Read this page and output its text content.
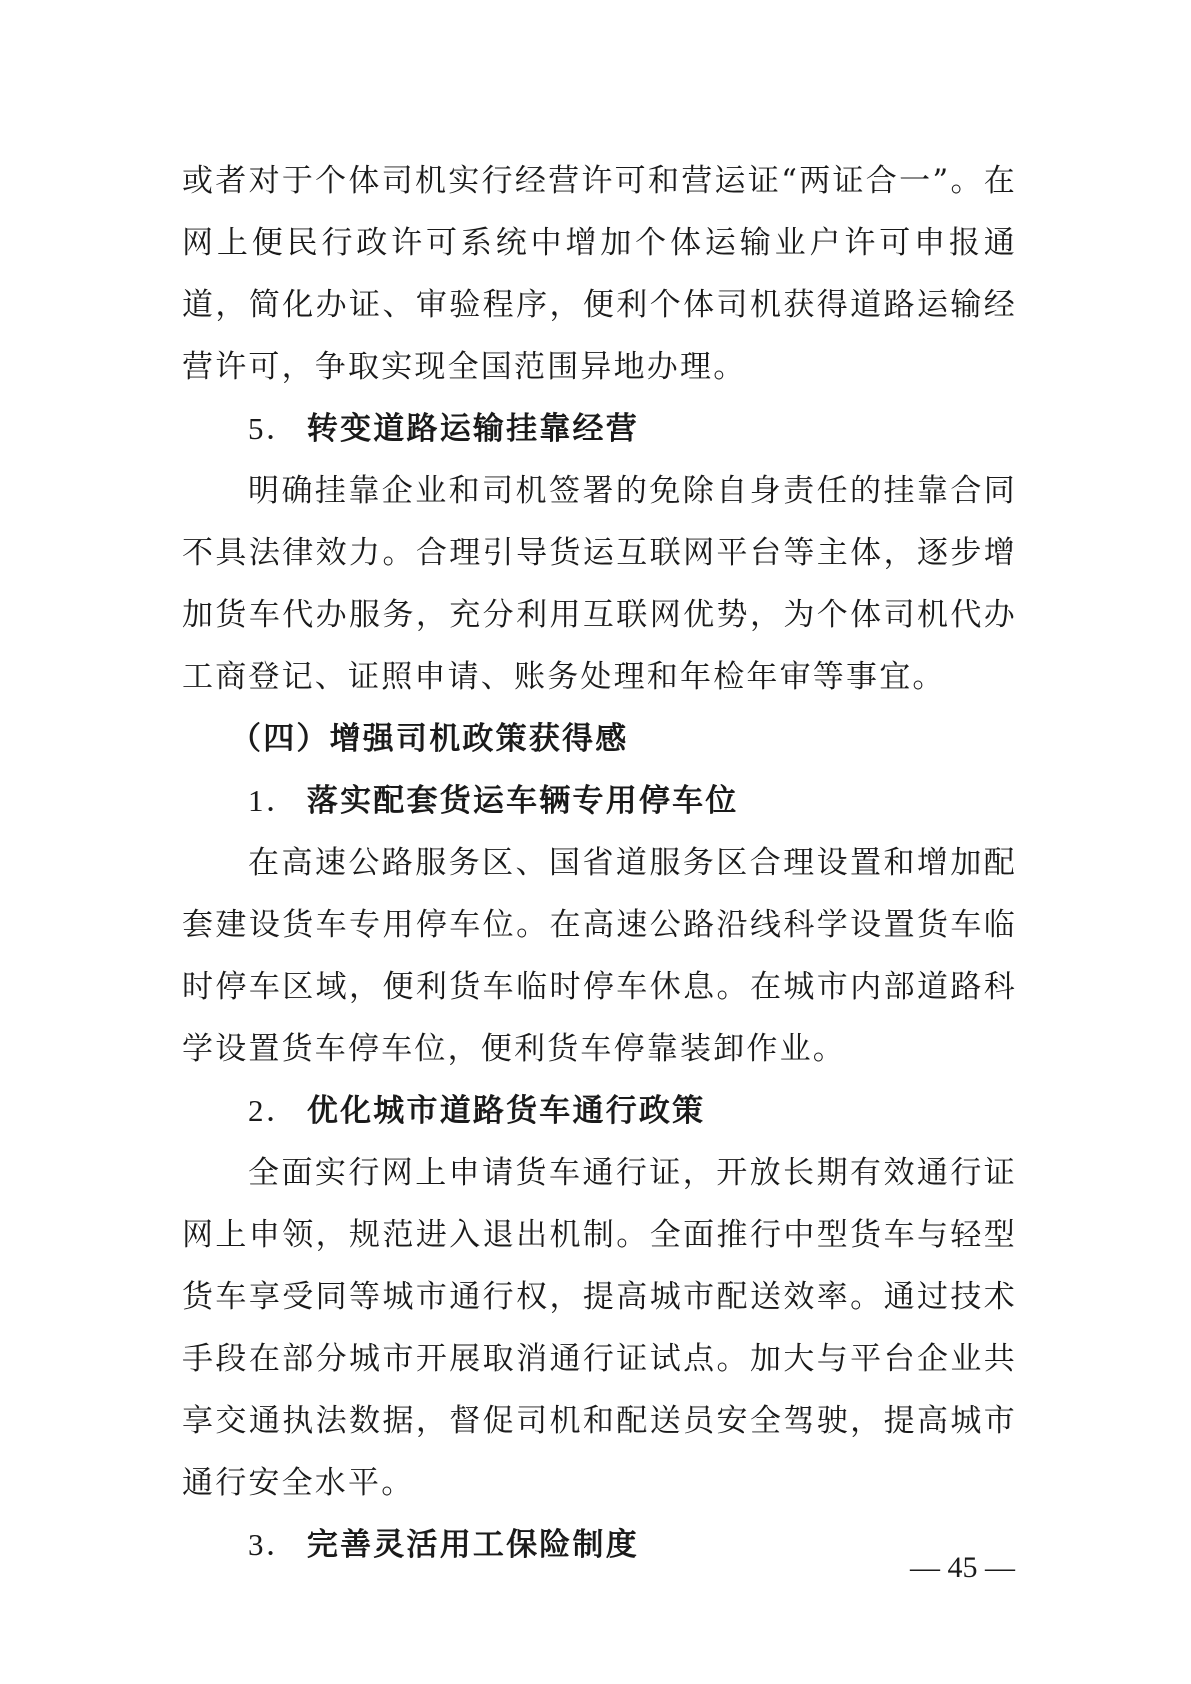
或者对于个体司机实行经营许可和营运证“两证合一”。在网上便民行政许可系统中增加个体运输业户许可申报通道，简化办证、审验程序，便利个体司机获得道路运输经营许可，争取实现全国范围异地办理。

5． 转变道路运输挂靠经营

明确挂靠企业和司机签署的免除自身责任的挂靠合同不具法律效力。合理引导货运互联网平台等主体，逐步增加货车代办服务，充分利用互联网优势，为个体司机代办工商登记、证照申请、账务处理和年检年审等事宜。

（四）增强司机政策获得感

1． 落实配套货运车辆专用停车位

在高速公路服务区、国省道服务区合理设置和增加配套建设货车专用停车位。在高速公路沿线科学设置货车临时停车区域，便利货车临时停车休息。在城市内部道路科学设置货车停车位，便利货车停靠装卸作业。

2． 优化城市道路货车通行政策

全面实行网上申请货车通行证，开放长期有效通行证网上申领，规范进入退出机制。全面推行中型货车与轻型货车享受同等城市通行权，提高城市配送效率。通过技术手段在部分城市开展取消通行证试点。加大与平台企业共享交通执法数据，督促司机和配送员安全驾驶，提高城市通行安全水平。

3． 完善灵活用工保险制度

— 45 —
